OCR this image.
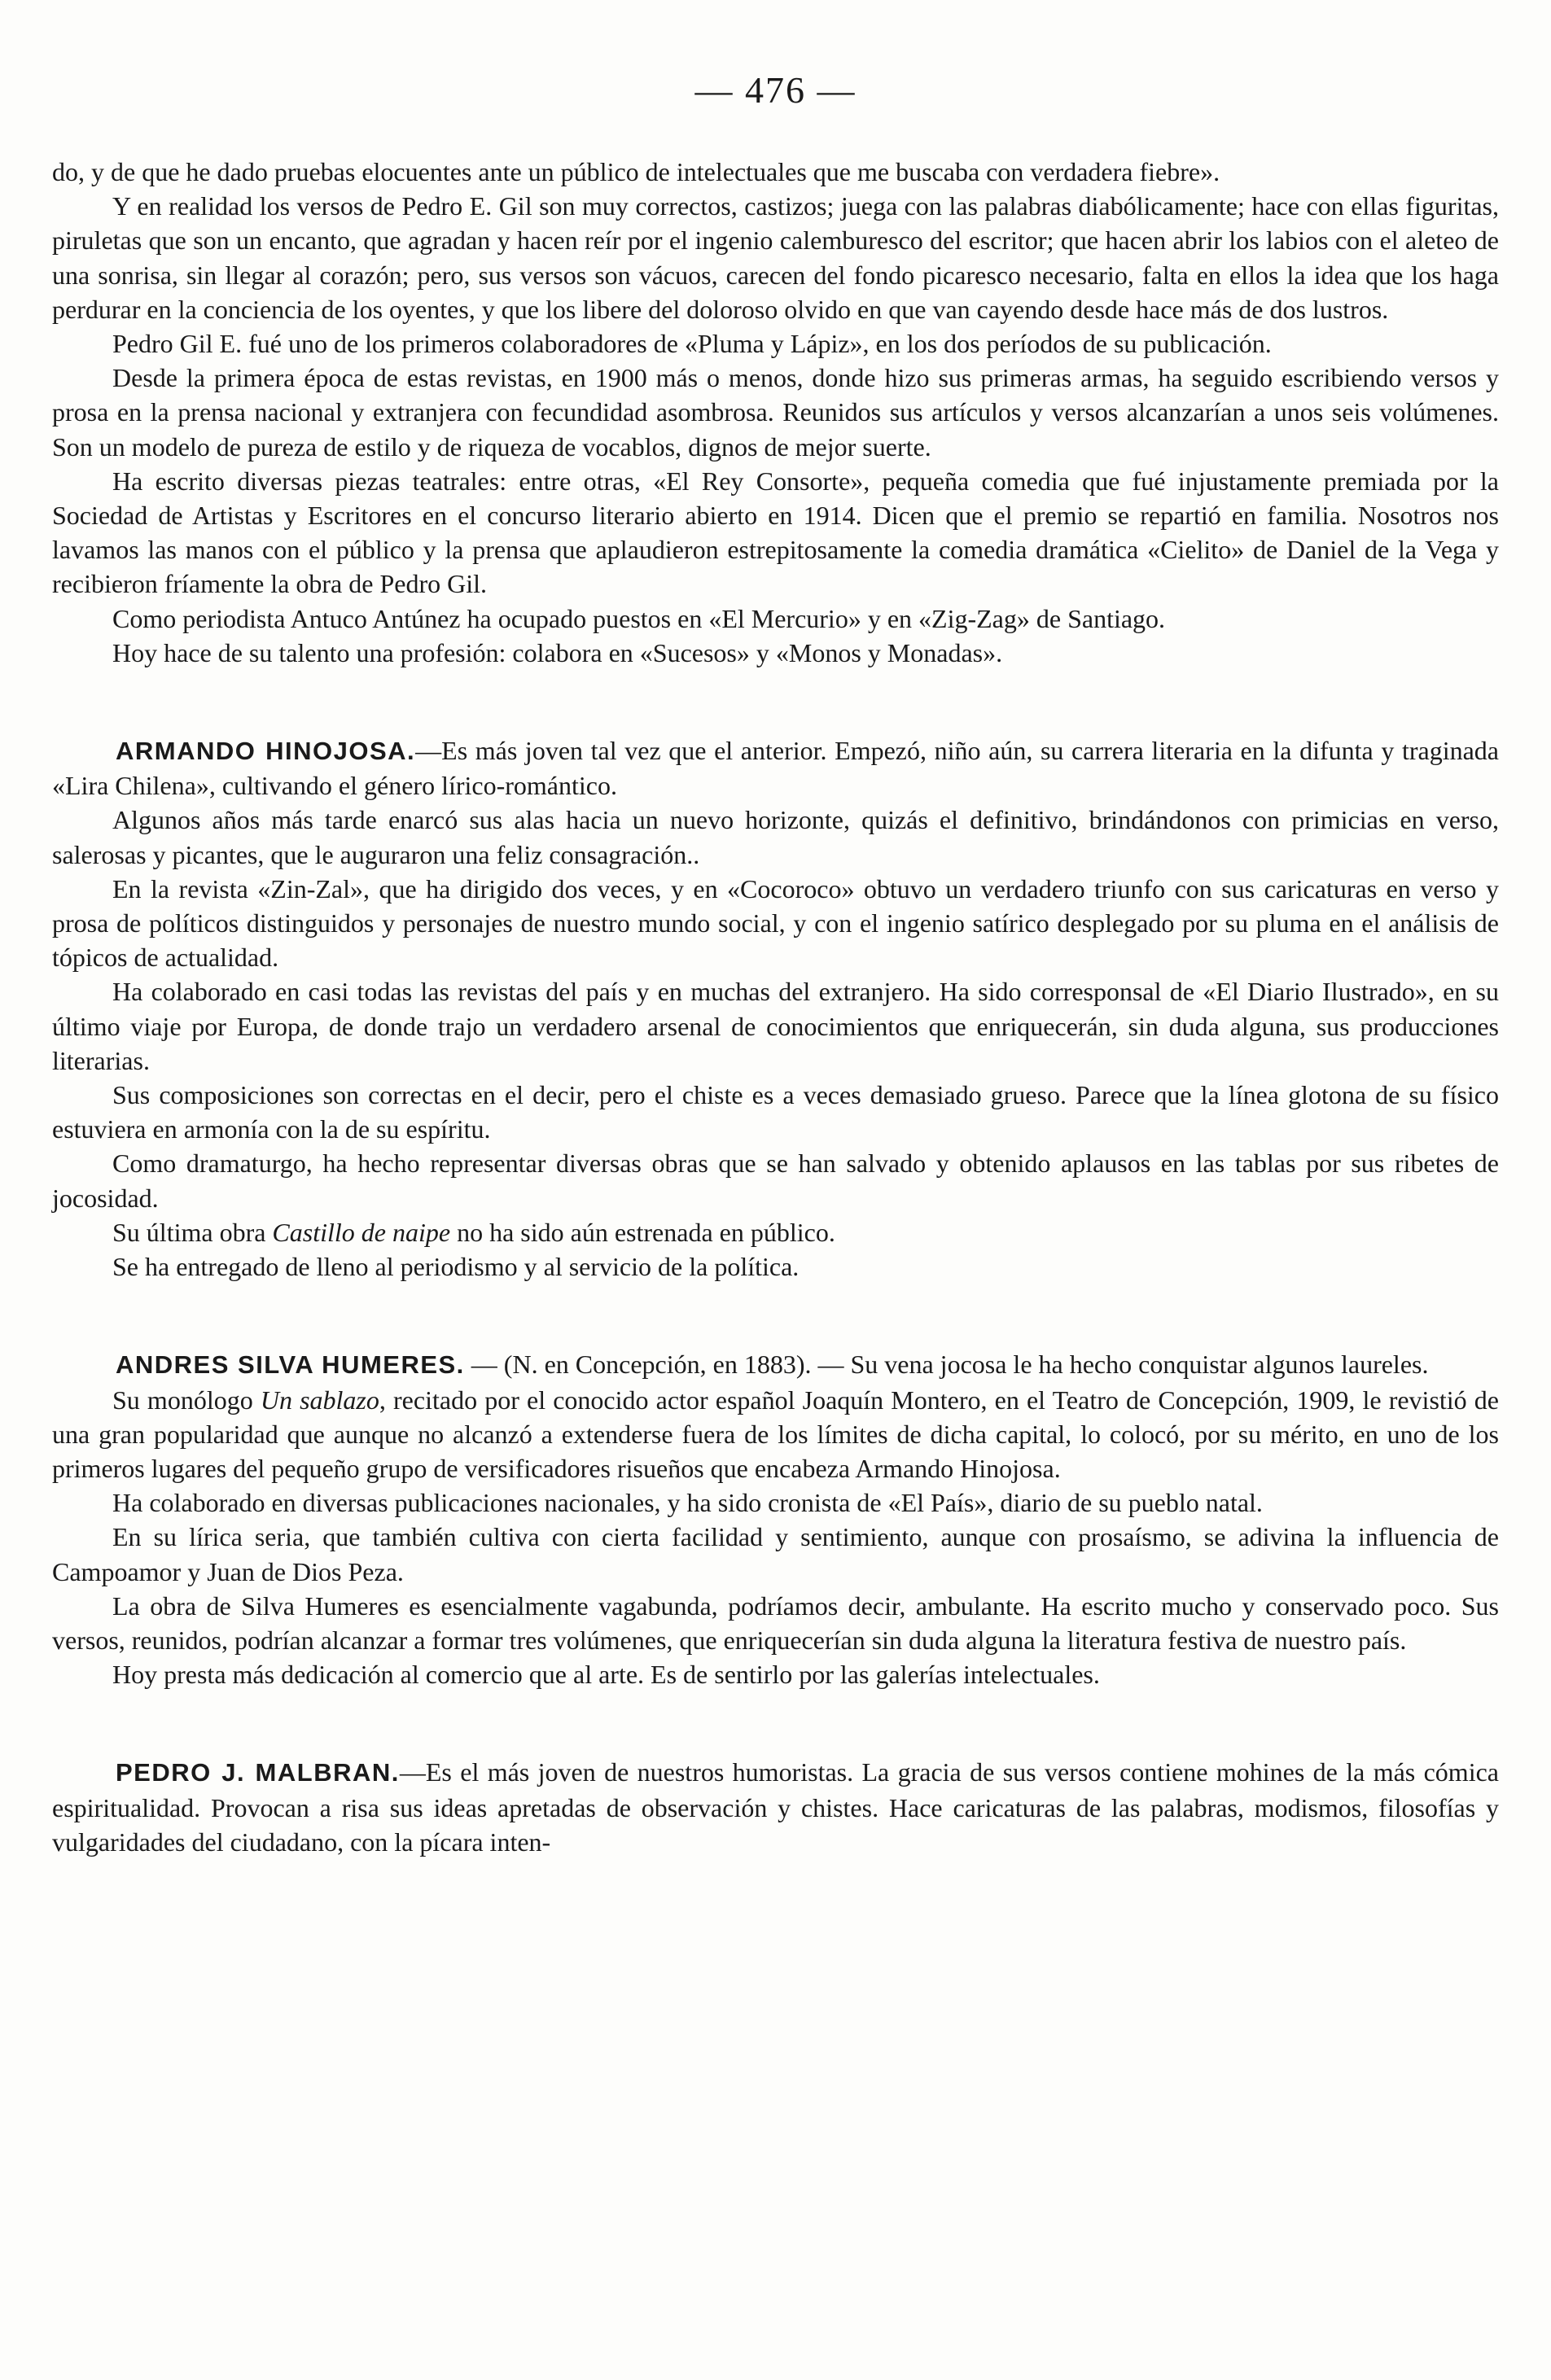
— 476 —

do, y de que he dado pruebas elocuentes ante un público de intelectuales que me buscaba con verdadera fiebre».

Y en realidad los versos de Pedro E. Gil son muy correctos, castizos; juega con las palabras diabólicamente; hace con ellas figuritas, piruletas que son un encanto, que agradan y hacen reír por el ingenio calemburesco del escritor; que hacen abrir los labios con el aleteo de una sonrisa, sin llegar al corazón; pero, sus versos son vácuos, carecen del fondo picaresco necesario, falta en ellos la idea que los haga perdurar en la conciencia de los oyentes, y que los libere del doloroso olvido en que van cayendo desde hace más de dos lustros.

Pedro Gil E. fué uno de los primeros colaboradores de «Pluma y Lápiz», en los dos períodos de su publicación.

Desde la primera época de estas revistas, en 1900 más o menos, donde hizo sus primeras armas, ha seguido escribiendo versos y prosa en la prensa nacional y extranjera con fecundidad asombrosa. Reunidos sus artículos y versos alcanzarían a unos seis volúmenes. Son un modelo de pureza de estilo y de riqueza de vocablos, dignos de mejor suerte.

Ha escrito diversas piezas teatrales: entre otras, «El Rey Consorte», pequeña comedia que fué injustamente premiada por la Sociedad de Artistas y Escritores en el concurso literario abierto en 1914. Dicen que el premio se repartió en familia. Nosotros nos lavamos las manos con el público y la prensa que aplaudieron estrepitosamente la comedia dramática «Cielito» de Daniel de la Vega y recibieron fríamente la obra de Pedro Gil.

Como periodista Antuco Antúnez ha ocupado puestos en «El Mercurio» y en «Zig-Zag» de Santiago.

Hoy hace de su talento una profesión: colabora en «Sucesos» y «Monos y Monadas».

ARMANDO HINOJOSA.—Es más joven tal vez que el anterior. Empezó, niño aún, su carrera literaria en la difunta y traginada «Lira Chilena», cultivando el género lírico-romántico.

Algunos años más tarde enarcó sus alas hacia un nuevo horizonte, quizás el definitivo, brindándonos con primicias en verso, salerosas y picantes, que le auguraron una feliz consagración..

En la revista «Zin-Zal», que ha dirigido dos veces, y en «Cocoroco» obtuvo un verdadero triunfo con sus caricaturas en verso y prosa de políticos distinguidos y personajes de nuestro mundo social, y con el ingenio satírico desplegado por su pluma en el análisis de tópicos de actualidad.

Ha colaborado en casi todas las revistas del país y en muchas del extranjero. Ha sido corresponsal de «El Diario Ilustrado», en su último viaje por Europa, de donde trajo un verdadero arsenal de conocimientos que enriquecerán, sin duda alguna, sus producciones literarias.

Sus composiciones son correctas en el decir, pero el chiste es a veces demasiado grueso. Parece que la línea glotona de su físico estuviera en armonía con la de su espíritu.

Como dramaturgo, ha hecho representar diversas obras que se han salvado y obtenido aplausos en las tablas por sus ribetes de jocosidad.

Su última obra Castillo de naipe no ha sido aún estrenada en público.

Se ha entregado de lleno al periodismo y al servicio de la política.

ANDRES SILVA HUMERES. — (N. en Concepción, en 1883). — Su vena jocosa le ha hecho conquistar algunos laureles.

Su monólogo Un sablazo, recitado por el conocido actor español Joaquín Montero, en el Teatro de Concepción, 1909, le revistió de una gran popularidad que aunque no alcanzó a extenderse fuera de los límites de dicha capital, lo colocó, por su mérito, en uno de los primeros lugares del pequeño grupo de versificadores risueños que encabeza Armando Hinojosa.

Ha colaborado en diversas publicaciones nacionales, y ha sido cronista de «El País», diario de su pueblo natal.

En su lírica seria, que también cultiva con cierta facilidad y sentimiento, aunque con prosaísmo, se adivina la influencia de Campoamor y Juan de Dios Peza.

La obra de Silva Humeres es esencialmente vagabunda, podríamos decir, ambulante. Ha escrito mucho y conservado poco. Sus versos, reunidos, podrían alcanzar a formar tres volúmenes, que enriquecerían sin duda alguna la literatura festiva de nuestro país.

Hoy presta más dedicación al comercio que al arte. Es de sentirlo por las galerías intelectuales.

PEDRO J. MALBRAN.—Es el más joven de nuestros humoristas. La gracia de sus versos contiene mohines de la más cómica espiritualidad. Provocan a risa sus ideas apretadas de observación y chistes. Hace caricaturas de las palabras, modismos, filosofías y vulgaridades del ciudadano, con la pícara inten-
